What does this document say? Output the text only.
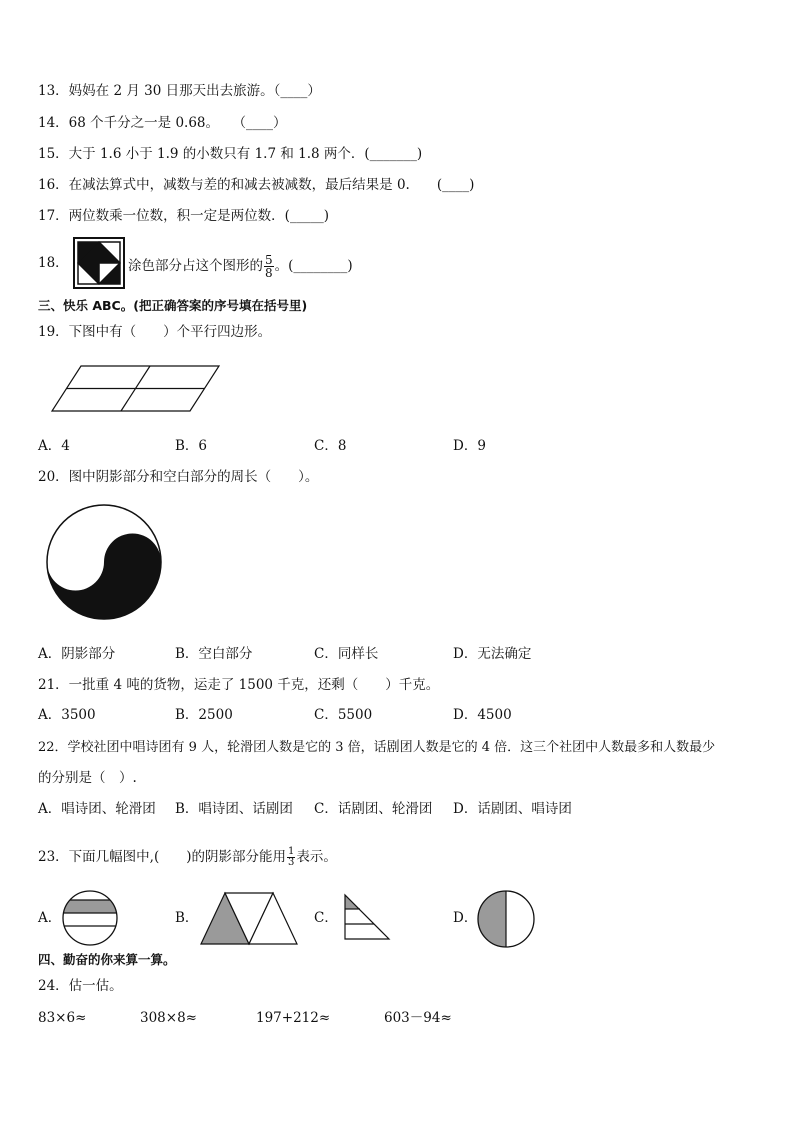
13．妈妈在 2 月 30 日那天出去旅游。（____）
14．68 个千分之一是 0.68。　　（____）
15．大于 1.6 小于 1.9 的小数只有 1.7 和 1.8 两个．(_______)
16．在减法算式中，减数与差的和减去被减数，最后结果是 0.　　(____)
17．两位数乘一位数，积一定是两位数．(_____)
18．	涂色部分占这个图形的 $\frac{5}{8}$ 。(________)
三、快乐 ABC。(把正确答案的序号填在括号里)
19．下图中有（　　）个平行四边形。
A．4	B．6	C．8	D．9
20．图中阴影部分和空白部分的周长（　　）。
A．阴影部分	B．空白部分	C．同样长	D．无法确定
21．一批重 4 吨的货物，运走了 1500 千克，还剩（　　）千克。
A．3500	B．2500	C．5500	D．4500
22．学校社团中唱诗团有 9 人，轮滑团人数是它的 3 倍，话剧团人数是它的 4 倍．这三个社团中人数最多和人数最少
的分别是（　）.
A．唱诗团、轮滑团 B．唱诗团、话剧团 C．话剧团、轮滑团 D．话剧团、唱诗团
23．下面几幅图中,(　　)的阴影部分能用 $\frac{1}{3}$ 表示。
A．	B．	C．	D．
四、勤奋的你来算一算。
24．估一估。
83×6≈	308×8≈	197+212≈	603－94≈
